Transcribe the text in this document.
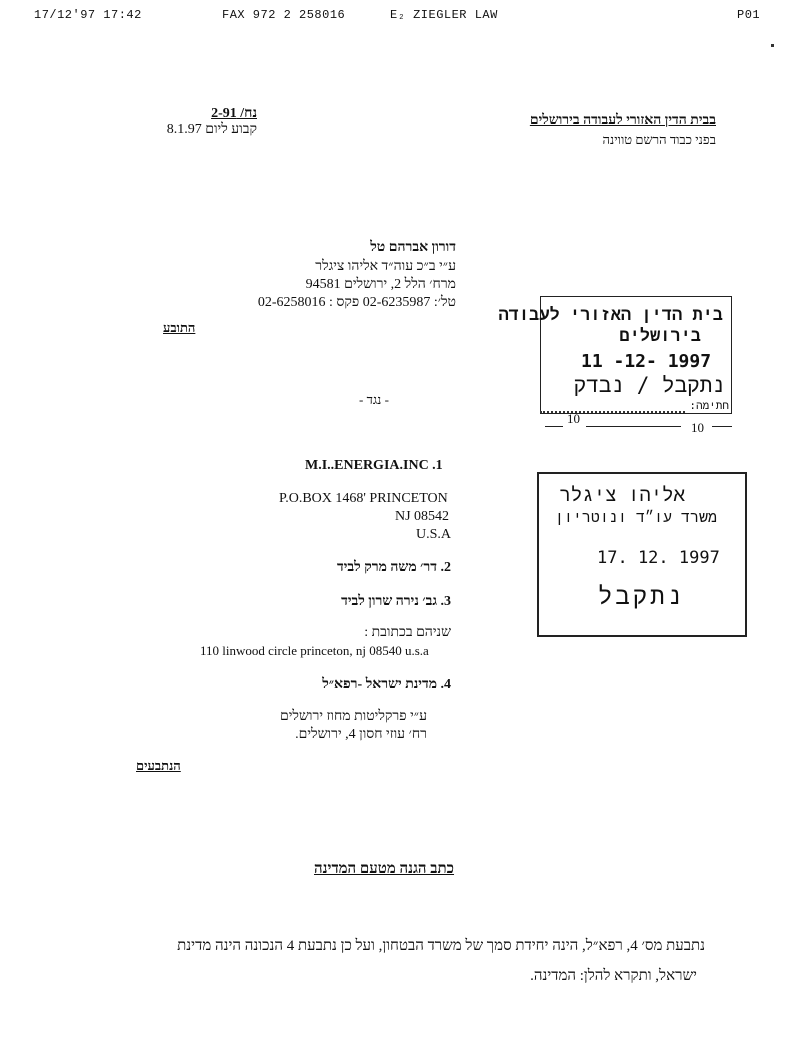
17/12'97 17:42	FAX 972 2 258016	E₂ ZIEGLER LAW	P01
בבית הדין האזורי לעבודה בירושלים
בפני כבוד הרשם טווינה
נח/ 2-91
קבוע ליום 8.1.97
דורון אברהם טל
ע״י ב״כ עוה״ד אליהו ציגלר
מרח׳ הלל 2, ירושלים 94581
טל׳: 02-6235987 פקס : 02-6258016
התובע
- נגד -
בית הדין האזורי לעבודה
בירושלים
11 -12- 1997
נתקבל / נבדק
חתימה:
10
10
M.I..ENERGIA.INC .1
P.O.BOX 1468' PRINCETON
NJ 08542
U.S.A
אליהו ציגלר
משרד עו״ד ונוטריון
17. 12. 1997
נתקבל
2. דר׳ משה מרק לביד
3. גב׳ נירה שרון לביד
שניהם בכתובת :
110 linwood circle princeton, nj 08540 u.s.a
4. מדינת ישראל -רפא״ל
ע״י פרקליטות מחוז ירושלים
רח׳ עוזי חסון 4, ירושלים.
הנתבעים
כתב הגנה מטעם המדינה
נתבעת מס׳ 4, רפא״ל, הינה יחידת סמך של משרד הבטחון, ועל כן נתבעת 4 הנכונה הינה מדינת
ישראל, ותקרא להלן: המדינה.
